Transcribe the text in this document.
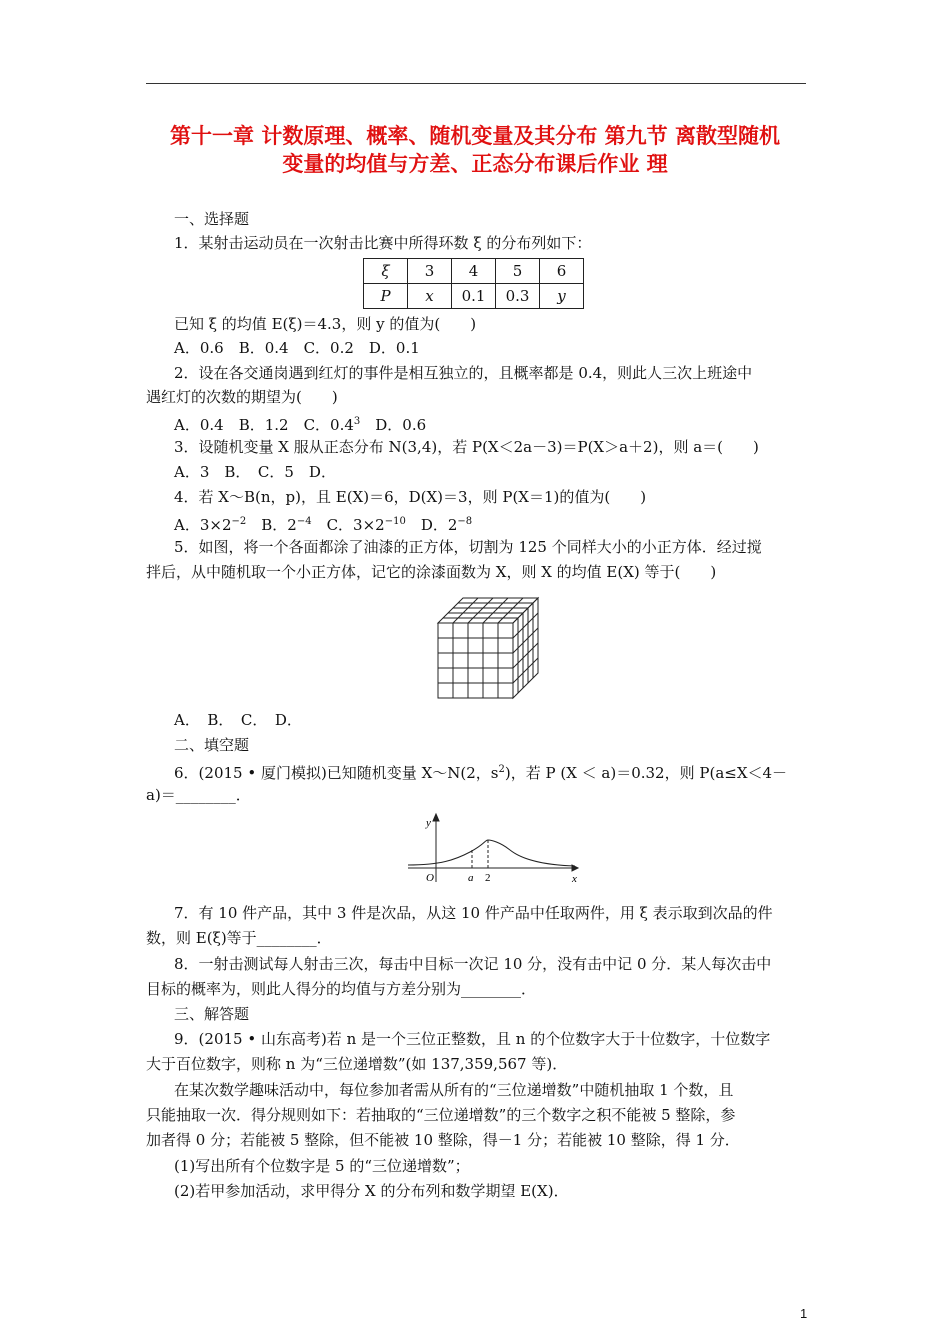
第十一章 计数原理、概率、随机变量及其分布 第九节 离散型随机
变量的均值与方差、正态分布课后作业 理
一、选择题
1．某射击运动员在一次射击比赛中所得环数 ξ 的分布列如下：
ξ	3	4	5	6
P	x	0.1	0.3	y
已知 ξ 的均值 E(ξ)＝4.3，则 y 的值为(　　)
A．0.6　B．0.4　C．0.2　D．0.1
2．设在各交通岗遇到红灯的事件是相互独立的，且概率都是 0.4，则此人三次上班途中
遇红灯的次数的期望为(　　)
A．0.4　B．1.2　C．$0.4^3$　D．0.6
3．设随机变量 X 服从正态分布 N(3,4)，若 P(X＜2a－3)＝P(X＞a＋2)，则 a＝(　　)
A．3　B．　C．5　D．
4．若 X～B(n，p)，且 E(X)＝6，D(X)＝3，则 P(X＝1)的值为(　　)
A．$3\times 2^{-2}$　B．$2^{-4}$　C．$3\times 2^{-10}$　D．$2^{-8}$
5．如图，将一个各面都涂了油漆的正方体，切割为 125 个同样大小的小正方体．经过搅
拌后，从中随机取一个小正方体，记它的涂漆面数为 X，则 X 的均值 E(X) 等于(　　)
A．　B．　C．　D．
二、填空题
6．(2015 • 厦门模拟)已知随机变量 X～N(2，$s^2$)，若 P (X ＜ a)＝0.32，则 P(a≤X＜4－
a)＝________．
y
O	a 2	x
7．有 10 件产品，其中 3 件是次品，从这 10 件产品中任取两件，用 ξ 表示取到次品的件
数，则 E(ξ)等于________．
8．一射击测试每人射击三次，每击中目标一次记 10 分，没有击中记 0 分．某人每次击中
目标的概率为，则此人得分的均值与方差分别为________．
三、解答题
9．(2015 • 山东高考)若 n 是一个三位正整数，且 n 的个位数字大于十位数字，十位数字
大于百位数字，则称 n 为“三位递增数”(如 137,359,567 等)．
在某次数学趣味活动中，每位参加者需从所有的“三位递增数”中随机抽取 1 个数，且
只能抽取一次．得分规则如下：若抽取的“三位递增数”的三个数字之积不能被 5 整除，参
加者得 0 分；若能被 5 整除，但不能被 10 整除，得－1 分；若能被 10 整除，得 1 分．
(1)写出所有个位数字是 5 的“三位递增数”；
(2)若甲参加活动，求甲得分 X 的分布列和数学期望 E(X)．
1
